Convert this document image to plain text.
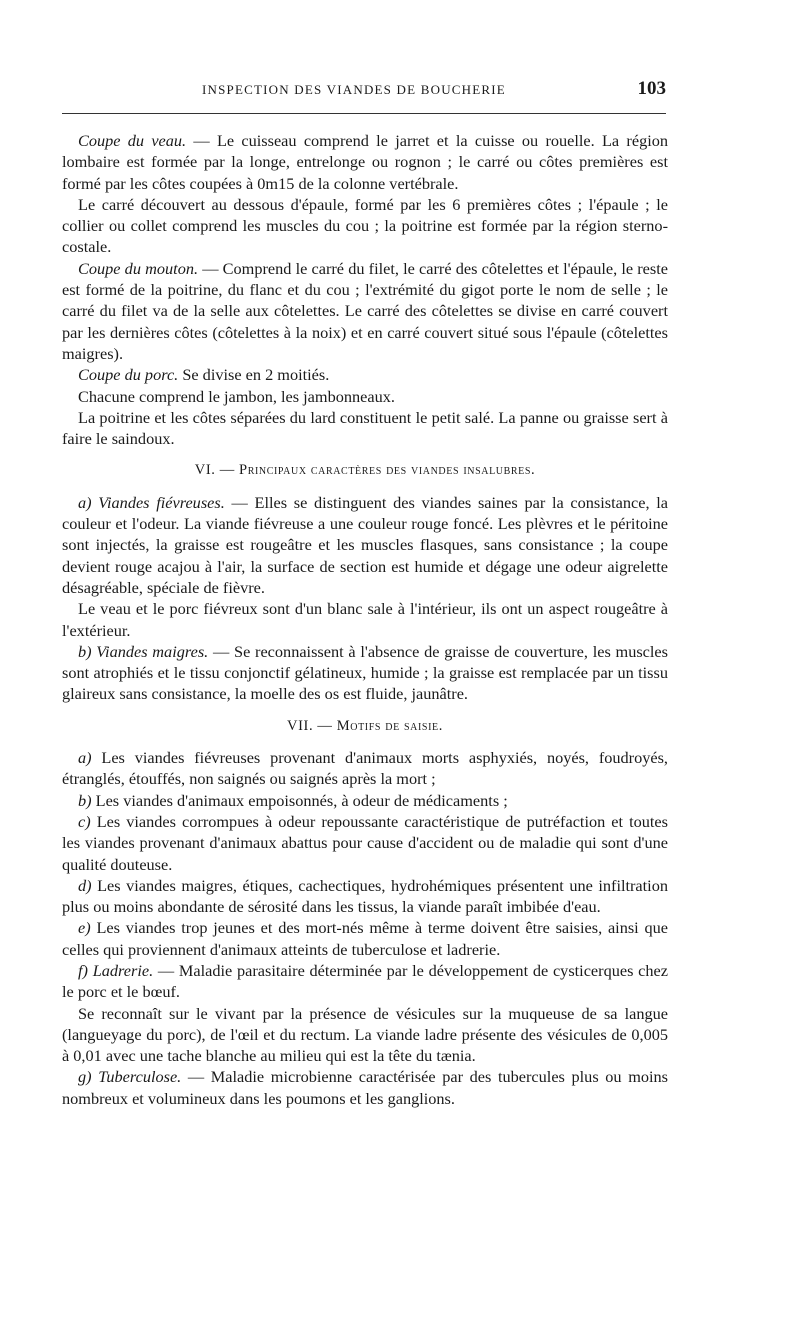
INSPECTION DES VIANDES DE BOUCHERIE	103

Coupe du veau. — Le cuisseau comprend le jarret et la cuisse ou rouelle. La région lombaire est formée par la longe, entrelonge ou rognon ; le carré ou côtes premières est formé par les côtes coupées à 0m15 de la colonne vertébrale.

Le carré découvert au dessous d'épaule, formé par les 6 premières côtes ; l'épaule ; le collier ou collet comprend les muscles du cou ; la poitrine est formée par la région sterno-costale.

Coupe du mouton. — Comprend le carré du filet, le carré des côtelettes et l'épaule, le reste est formé de la poitrine, du flanc et du cou ; l'extrémité du gigot porte le nom de selle ; le carré du filet va de la selle aux côtelettes. Le carré des côtelettes se divise en carré couvert par les dernières côtes (côtelettes à la noix) et en carré couvert situé sous l'épaule (côtelettes maigres).

Coupe du porc. Se divise en 2 moitiés.

Chacune comprend le jambon, les jambonneaux.

La poitrine et les côtes séparées du lard constituent le petit salé. La panne ou graisse sert à faire le saindoux.

VI. — Principaux caractères des viandes insalubres.

a) Viandes fiévreuses. — Elles se distinguent des viandes saines par la consistance, la couleur et l'odeur. La viande fiévreuse a une couleur rouge foncé. Les plèvres et le péritoine sont injectés, la graisse est rougeâtre et les muscles flasques, sans consistance ; la coupe devient rouge acajou à l'air, la surface de section est humide et dégage une odeur aigrelette désagréable, spéciale de fièvre.

Le veau et le porc fiévreux sont d'un blanc sale à l'intérieur, ils ont un aspect rougeâtre à l'extérieur.

b) Viandes maigres. — Se reconnaissent à l'absence de graisse de couverture, les muscles sont atrophiés et le tissu conjonctif gélatineux, humide ; la graisse est remplacée par un tissu glaireux sans consistance, la moelle des os est fluide, jaunâtre.

VII. — Motifs de saisie.

a) Les viandes fiévreuses provenant d'animaux morts asphyxiés, noyés, foudroyés, étranglés, étouffés, non saignés ou saignés après la mort ;

b) Les viandes d'animaux empoisonnés, à odeur de médicaments ;

c) Les viandes corrompues à odeur repoussante caractéristique de putréfaction et toutes les viandes provenant d'animaux abattus pour cause d'accident ou de maladie qui sont d'une qualité douteuse.

d) Les viandes maigres, étiques, cachectiques, hydrohémiques présentent une infiltration plus ou moins abondante de sérosité dans les tissus, la viande paraît imbibée d'eau.

e) Les viandes trop jeunes et des mort-nés même à terme doivent être saisies, ainsi que celles qui proviennent d'animaux atteints de tuberculose et ladrerie.

f) Ladrerie. — Maladie parasitaire déterminée par le développement de cysticerques chez le porc et le bœuf.

Se reconnaît sur le vivant par la présence de vésicules sur la muqueuse de sa langue (langueyage du porc), de l'œil et du rectum. La viande ladre présente des vésicules de 0,005 à 0,01 avec une tache blanche au milieu qui est la tête du tænia.

g) Tuberculose. — Maladie microbienne caractérisée par des tubercules plus ou moins nombreux et volumineux dans les poumons et les ganglions.
